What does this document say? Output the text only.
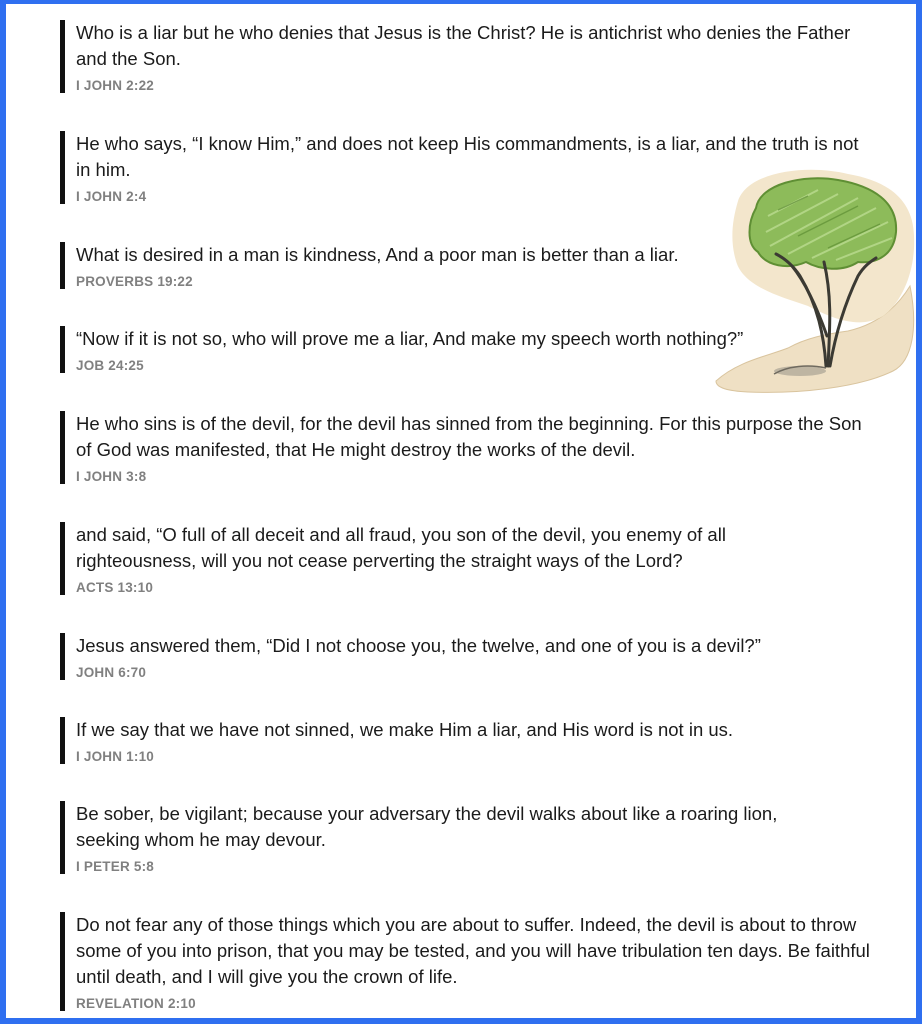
Who is a liar but he who denies that Jesus is the Christ? He is antichrist who denies the Father and the Son.

I JOHN 2:22

He who says, “I know Him,” and does not keep His commandments, is a liar, and the truth is not in him.

I JOHN 2:4

What is desired in a man is kindness, And a poor man is better than a liar.

PROVERBS 19:22

“Now if it is not so, who will prove me a liar, And make my speech worth nothing?”

JOB 24:25

He who sins is of the devil, for the devil has sinned from the beginning. For this purpose the Son of God was manifested, that He might destroy the works of the devil.

I JOHN 3:8

and said, “O full of all deceit and all fraud, you son of the devil, you enemy of all righteousness, will you not cease perverting the straight ways of the Lord?

ACTS 13:10

Jesus answered them, “Did I not choose you, the twelve, and one of you is a devil?”

JOHN 6:70

If we say that we have not sinned, we make Him a liar, and His word is not in us.

I JOHN 1:10

Be sober, be vigilant; because your adversary the devil walks about like a roaring lion, seeking whom he may devour.

I PETER 5:8

Do not fear any of those things which you are about to suffer. Indeed, the devil is about to throw some of you into prison, that you may be tested, and you will have tribulation ten days. Be faithful until death, and I will give you the crown of life.

REVELATION 2:10
